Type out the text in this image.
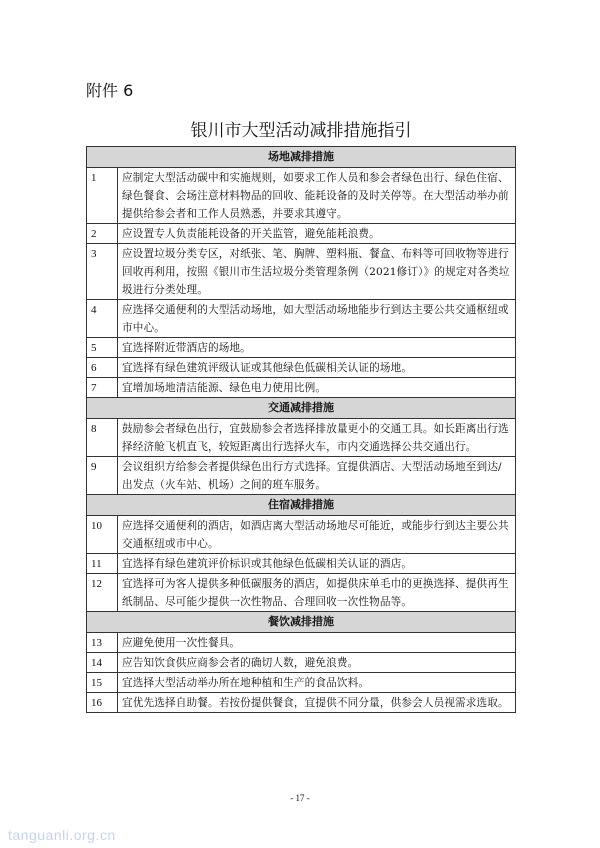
附件 6
银川市大型活动减排措施指引
场地减排措施	
1	应制定大型活动碳中和实施规则，如要求工作人员和参会者绿色出行、绿色住宿、绿色餐食、会场注意材料物品的回收、能耗设备的及时关停等。在大型活动举办前提供给参会者和工作人员熟悉，并要求其遵守。
2	应设置专人负责能耗设备的开关监管，避免能耗浪费。
3	应设置垃圾分类专区，对纸张、笔、胸牌、塑料瓶、餐盒、布料等可回收物等进行回收再利用，按照《银川市生活垃圾分类管理条例（2021修订）》的规定对各类垃圾进行分类处理。
4	应选择交通便利的大型活动场地，如大型活动场地能步行到达主要公共交通枢纽或市中心。
5	宜选择附近带酒店的场地。
6	宜选择有绿色建筑评级认证或其他绿色低碳相关认证的场地。
7	宜增加场地清洁能源、绿色电力使用比例。
交通减排措施	
8	鼓励参会者绿色出行，宜鼓励参会者选择排放量更小的交通工具。如长距离出行选择经济舱飞机直飞，较短距离出行选择火车，市内交通选择公共交通出行。
9	会议组织方给参会者提供绿色出行方式选择。宜提供酒店、大型活动场地至到达/出发点（火车站、机场）之间的班车服务。
住宿减排措施	
10	应选择交通便利的酒店，如酒店离大型活动场地尽可能近，或能步行到达主要公共交通枢纽或市中心。
11	宜选择有绿色建筑评价标识或其他绿色低碳相关认证的酒店。
12	宜选择可为客人提供多种低碳服务的酒店，如提供床单毛巾的更换选择、提供再生纸制品、尽可能少提供一次性物品、合理回收一次性物品等。
餐饮减排措施	
13	应避免使用一次性餐具。
14	应告知饮食供应商参会者的确切人数，避免浪费。
15	宜选择大型活动举办所在地种植和生产的食品饮料。
16	宜优先选择自助餐。若按份提供餐食，宜提供不同分量，供参会人员视需求选取。
- 17 -
tanguanli.org.cn
